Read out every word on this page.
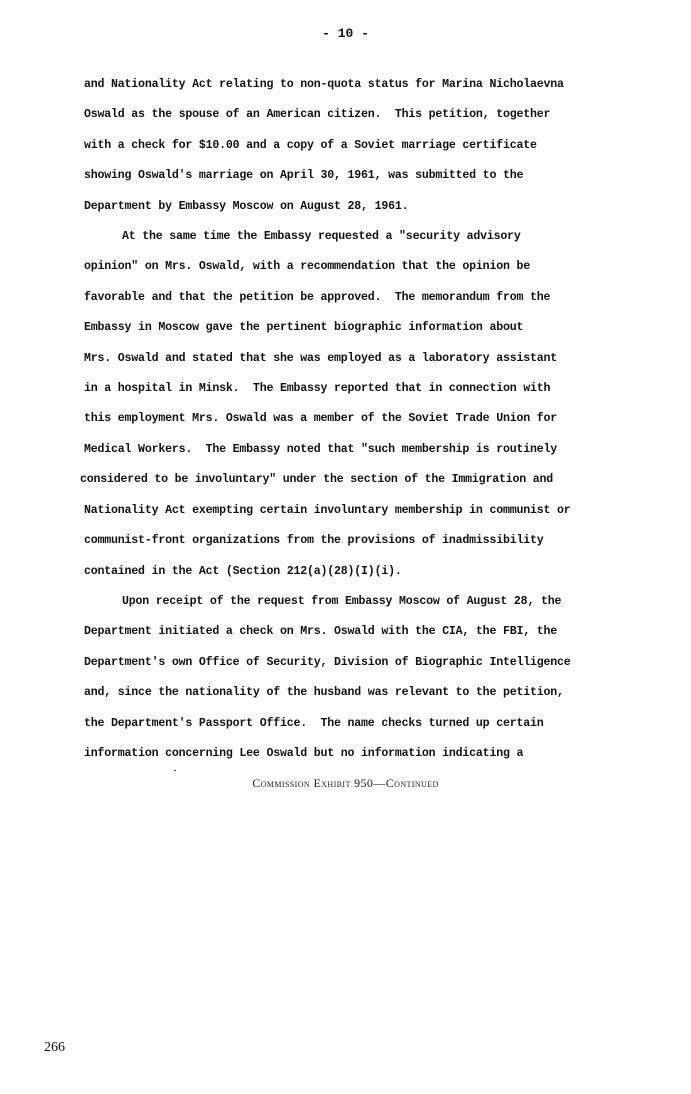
- 10 -
and Nationality Act relating to non-quota status for Marina Nicholaevna
Oswald as the spouse of an American citizen.  This petition, together
with a check for $10.00 and a copy of a Soviet marriage certificate
showing Oswald's marriage on April 30, 1961, was submitted to the
Department by Embassy Moscow on August 28, 1961.
At the same time the Embassy requested a "security advisory
opinion" on Mrs. Oswald, with a recommendation that the opinion be
favorable and that the petition be approved.  The memorandum from the
Embassy in Moscow gave the pertinent biographic information about
Mrs. Oswald and stated that she was employed as a laboratory assistant
in a hospital in Minsk.  The Embassy reported that in connection with
this employment Mrs. Oswald was a member of the Soviet Trade Union for
Medical Workers.  The Embassy noted that "such membership is routinely
considered to be involuntary" under the section of the Immigration and
Nationality Act exempting certain involuntary membership in communist or
communist-front organizations from the provisions of inadmissibility
contained in the Act (Section 212(a)(28)(I)(i).
Upon receipt of the request from Embassy Moscow of August 28, the
Department initiated a check on Mrs. Oswald with the CIA, the FBI, the
Department's own Office of Security, Division of Biographic Intelligence
and, since the nationality of the husband was relevant to the petition,
the Department's Passport Office.  The name checks turned up certain
information concerning Lee Oswald but no information indicating a
Commission Exhibit 950—Continued
266
